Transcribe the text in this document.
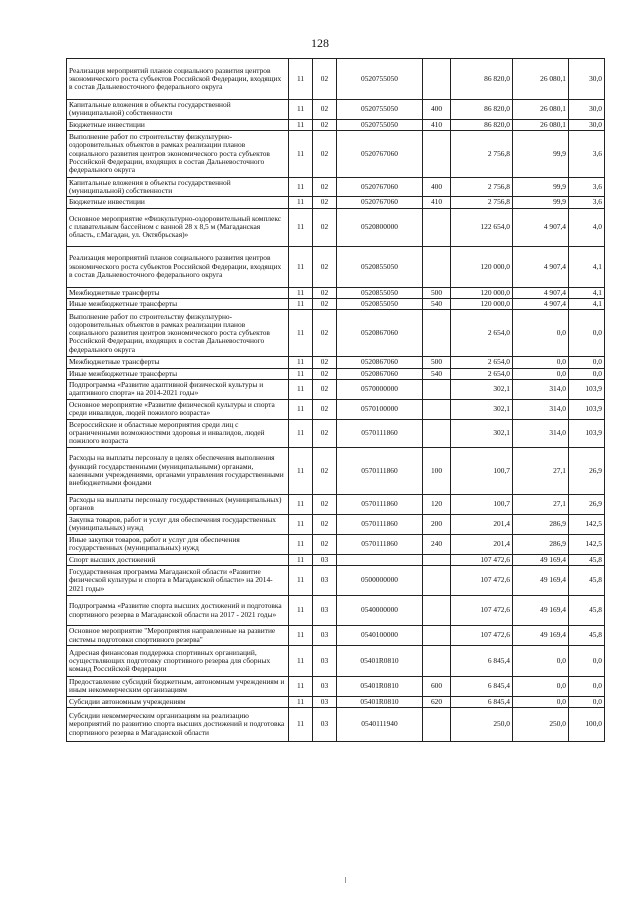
128
Реализация мероприятий планов социального развития центров экономического роста субъектов Российской Федерации, входящих в состав Дальневосточного федерального округа	11	02	0520755050		86 820,0	26 080,1	30,0
Капитальные вложения в объекты государственной (муниципальной) собственности	11	02	0520755050	400	86 820,0	26 080,1	30,0
Бюджетные инвестиции	11	02	0520755050	410	86 820,0	26 080,1	30,0
Выполнение работ по строительству физкультурно-оздоровительных объектов в рамках реализации планов социального развития центров экономического роста субъектов Российской Федерации, входящих в состав Дальневосточного федерального округа	11	02	0520767060		2 756,8	99,9	3,6
Капитальные вложения в объекты государственной (муниципальной) собственности	11	02	0520767060	400	2 756,8	99,9	3,6
Бюджетные инвестиции	11	02	0520767060	410	2 756,8	99,9	3,6
Основное мероприятие «Физкультурно-оздоровительный комплекс с плавательным бассейном с ванной 28 х 8,5 м (Магаданская область, г.Магадан, ул. Октябрьская)»	11	02	0520800000		122 654,0	4 907,4	4,0
Реализация мероприятий планов социального развития центров экономического роста субъектов Российской Федерации, входящих в состав Дальневосточного федерального округа	11	02	0520855050		120 000,0	4 907,4	4,1
Межбюджетные трансферты	11	02	0520855050	500	120 000,0	4 907,4	4,1
Иные межбюджетные трансферты	11	02	0520855050	540	120 000,0	4 907,4	4,1
Выполнение работ по строительству физкультурно-оздоровительных объектов в рамках реализации планов социального развития центров экономического роста субъектов Российской Федерации, входящих в состав Дальневосточного федерального округа	11	02	0520867060		2 654,0	0,0	0,0
Межбюджетные трансферты	11	02	0520867060	500	2 654,0	0,0	0,0
Иные межбюджетные трансферты	11	02	0520867060	540	2 654,0	0,0	0,0
Подпрограмма «Развитие адаптивной физической культуры и адаптивного спорта» на 2014-2021 годы»	11	02	0570000000		302,1	314,0	103,9
Основное мероприятие «Развитие физической культуры и спорта среди инвалидов, людей пожилого возраста»	11	02	0570100000		302,1	314,0	103,9
Всероссийские и областные мероприятия среди лиц с ограниченными возможностями здоровья и инвалидов, людей пожилого возраста	11	02	0570111860		302,1	314,0	103,9
Расходы на выплаты персоналу в целях обеспечения выполнения функций государственными (муниципальными) органами, казенными учреждениями, органами управления государственными внебюджетными фондами	11	02	0570111860	100	100,7	27,1	26,9
Расходы на выплаты персоналу государственных (муниципальных) органов	11	02	0570111860	120	100,7	27,1	26,9
Закупка товаров, работ и услуг для обеспечения государственных (муниципальных) нужд	11	02	0570111860	200	201,4	286,9	142,5
Иные закупки товаров, работ и услуг для обеспечения государственных (муниципальных) нужд	11	02	0570111860	240	201,4	286,9	142,5
Спорт высших достижений	11	03			107 472,6	49 169,4	45,8
Государственная программа Магаданской области «Развитие физической культуры и спорта в Магаданской области» на 2014-2021 годы»	11	03	0500000000		107 472,6	49 169,4	45,8
Подпрограмма «Развитие спорта высших достижений и подготовка спортивного резерва в Магаданской области на 2017 - 2021 годы»	11	03	0540000000		107 472,6	49 169,4	45,8
Основное мероприятие "Мероприятия направленные на развитие системы подготовки спортивного резерва"	11	03	0540100000		107 472,6	49 169,4	45,8
Адресная финансовая поддержка спортивных организаций, осуществляющих подготовку спортивного резерва для сборных команд Российской Федерации	11	03	05401R0810		6 845,4	0,0	0,0
Предоставление субсидий бюджетным, автономным учреждениям и иным некоммерческим организациям	11	03	05401R0810	600	6 845,4	0,0	0,0
Субсидии автономным учреждениям	11	03	05401R0810	620	6 845,4	0,0	0,0
Субсидии некоммерческим организациям на реализацию мероприятий по развитию спорта высших достижений и подготовка спортивного резерва в Магаданской области	11	03	0540111940		250,0	250,0	100,0
